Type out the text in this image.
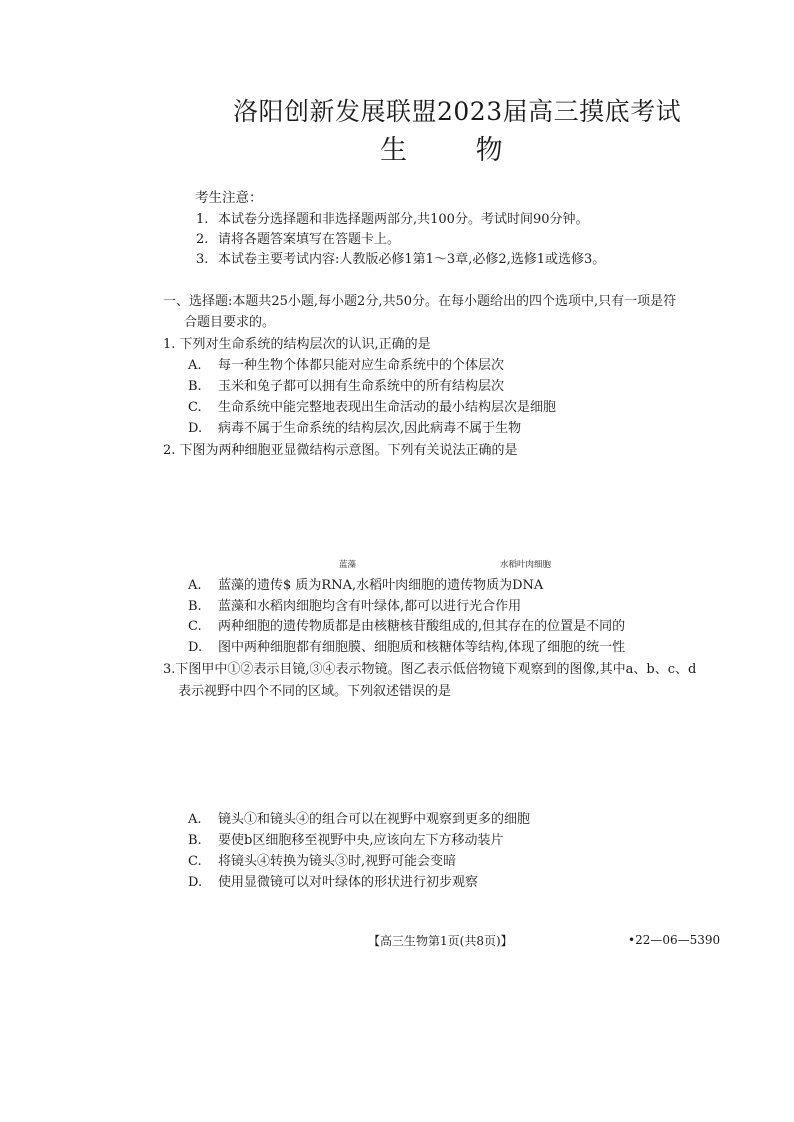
洛阳创新发展联盟2023届高三摸底考试
生	物
考生注意：
1. 本试卷分选择题和非选择题两部分,共100分。考试时间90分钟。
2. 请将各题答案填写在答题卡上。
3. 本试卷主要考试内容:人教版必修1第1～3章,必修2,选修1或选修3。
一、选择题:本题共25小题,每小题2分,共50分。在每小题给出的四个选项中,只有一项是符
合题目要求的。
1. 下列对生命系统的结构层次的认识,正确的是
A. 每一种生物个体都只能对应生命系统中的个体层次
B. 玉米和兔子都可以拥有生命系统中的所有结构层次
C. 生命系统中能完整地表现出生命活动的最小结构层次是细胞
D. 病毒不属于生命系统的结构层次,因此病毒不属于生物
2. 下图为两种细胞亚显微结构示意图。下列有关说法正确的是
蓝藻	水稻叶肉细胞
A. 蓝藻的遗传$ 质为RNA,水稻叶肉细胞的遗传物质为DNA
B. 蓝藻和水稻肉细胞均含有叶绿体,都可以进行光合作用
C. 两种细胞的遗传物质都是由核糖核苷酸组成的,但其存在的位置是不同的
D. 图中两种细胞都有细胞膜、细胞质和核糖体等结构,体现了细胞的统一性
3.下图甲中①②表示目镜,③④表示物镜。图乙表示低倍物镜下观察到的图像,其中a、b、c、d
表示视野中四个不同的区域。下列叙述错误的是
A. 镜头①和镜头④的组合可以在视野中观察到更多的细胞
B. 要使b区细胞移至视野中央,应该向左下方移动装片
C. 将镜头④转换为镜头③时,视野可能会变暗
D. 使用显微镜可以对叶绿体的形状进行初步观察
【高三生物第1页(共8页)】	•22—06—5390
